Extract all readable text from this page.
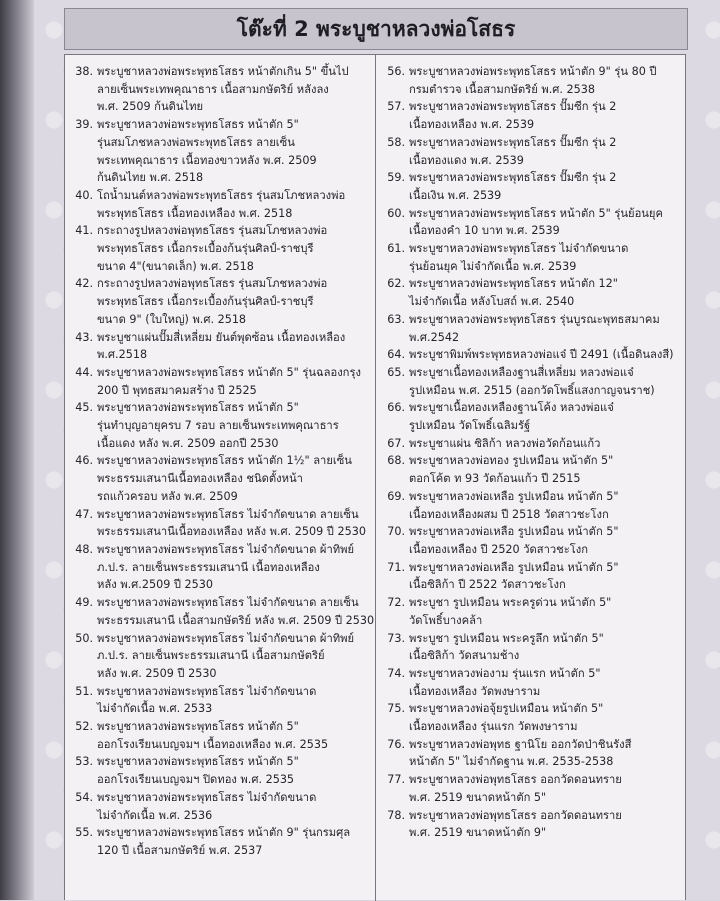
โต๊ะที่ 2 พระบูชาหลวงพ่อโสธร
38. พระบูชาหลวงพ่อพระพุทธโสธร หน้าตักเกิน 5" ขึ้นไป
ลายเซ็นพระเทพคุณาธาร เนื้อสามกษัตริย์ หลังลง
พ.ศ. 2509 ก้นดินไทย
39. พระบูชาหลวงพ่อพระพุทธโสธร หน้าตัก 5"
รุ่นสมโภชหลวงพ่อพระพุทธโสธร ลายเซ็น
พระเทพคุณาธาร เนื้อทองขาวหลัง พ.ศ. 2509
ก้นดินไทย พ.ศ. 2518
40. โถน้ำมนต์หลวงพ่อพระพุทธโสธร รุ่นสมโภชหลวงพ่อ
พระพุทธโสธร เนื้อทองเหลือง พ.ศ. 2518
41. กระถางรูปหลวงพ่อพุทธโสธร รุ่นสมโภชหลวงพ่อ
พระพุทธโสธร เนื้อกระเบื้องก้นรุ่นศิลป์-ราชบุรี
ขนาด 4"(ขนาดเล็ก) พ.ศ. 2518
42. กระถางรูปหลวงพ่อพุทธโสธร รุ่นสมโภชหลวงพ่อ
พระพุทธโสธร เนื้อกระเบื้องก้นรุ่นศิลป์-ราชบุรี
ขนาด 9" (ใบใหญ่) พ.ศ. 2518
43. พระบูชาแผ่นปั๊มสี่เหลี่ยม ยันต์พุดซ้อน เนื้อทองเหลือง
พ.ศ.2518
44. พระบูชาหลวงพ่อพระพุทธโสธร หน้าตัก 5" รุ่นฉลองกรุง
200 ปี พุทธสมาคมสร้าง ปี 2525
45. พระบูชาหลวงพ่อพระพุทธโสธร หน้าตัก 5"
รุ่นทำบุญอายุครบ 7 รอบ ลายเซ็นพระเทพคุณาธาร
เนื้อแดง หลัง พ.ศ. 2509 ออกปี 2530
46. พระบูชาหลวงพ่อพระพุทธโสธร หน้าตัก 1½" ลายเซ็น
พระธรรมเสนานีเนื้อทองเหลือง ชนิดตั้งหน้า
รถแก้วครอบ หลัง พ.ศ. 2509
47. พระบูชาหลวงพ่อพระพุทธโสธร ไม่จำกัดขนาด ลายเซ็น
พระธรรมเสนานีเนื้อทองเหลือง หลัง พ.ศ. 2509 ปี 2530
48. พระบูชาหลวงพ่อพระพุทธโสธร ไม่จำกัดขนาด ผ้าทิพย์
ภ.ป.ร. ลายเซ็นพระธรรมเสนานี เนื้อทองเหลือง
หลัง พ.ศ.2509 ปี 2530
49. พระบูชาหลวงพ่อพระพุทธโสธร ไม่จำกัดขนาด ลายเซ็น
พระธรรมเสนานี เนื้อสามกษัตริย์ หลัง พ.ศ. 2509 ปี 2530
50. พระบูชาหลวงพ่อพระพุทธโสธร ไม่จำกัดขนาด ผ้าทิพย์
ภ.ป.ร. ลายเซ็นพระธรรมเสนานี เนื้อสามกษัตริย์
หลัง พ.ศ. 2509 ปี 2530
51. พระบูชาหลวงพ่อพระพุทธโสธร ไม่จำกัดขนาด
ไม่จำกัดเนื้อ พ.ศ. 2533
52. พระบูชาหลวงพ่อพระพุทธโสธร หน้าตัก 5"
ออกโรงเรียนเบญจมฯ เนื้อทองเหลือง พ.ศ. 2535
53. พระบูชาหลวงพ่อพระพุทธโสธร หน้าตัก 5"
ออกโรงเรียนเบญจมฯ ปิดทอง พ.ศ. 2535
54. พระบูชาหลวงพ่อพระพุทธโสธร ไม่จำกัดขนาด
ไม่จำกัดเนื้อ พ.ศ. 2536
55. พระบูชาหลวงพ่อพระพุทธโสธร หน้าตัก 9" รุ่นกรมศุล
120 ปี เนื้อสามกษัตริย์ พ.ศ. 2537
56. พระบูชาหลวงพ่อพระพุทธโสธร หน้าตัก 9" รุ่น 80 ปี
กรมตำรวจ เนื้อสามกษัตริย์ พ.ศ. 2538
57. พระบูชาหลวงพ่อพระพุทธโสธร ปั๊มซีก รุ่น 2
เนื้อทองเหลือง พ.ศ. 2539
58. พระบูชาหลวงพ่อพระพุทธโสธร ปั๊มซีก รุ่น 2
เนื้อทองแดง พ.ศ. 2539
59. พระบูชาหลวงพ่อพระพุทธโสธร ปั๊มซีก รุ่น 2
เนื้อเงิน พ.ศ. 2539
60. พระบูชาหลวงพ่อพระพุทธโสธร หน้าตัก 5" รุ่นย้อนยุค
เนื้อทองคำ 10 บาท พ.ศ. 2539
61. พระบูชาหลวงพ่อพระพุทธโสธร ไม่จำกัดขนาด
รุ่นย้อนยุค ไม่จำกัดเนื้อ พ.ศ. 2539
62. พระบูชาหลวงพ่อพระพุทธโสธร หน้าตัก 12"
ไม่จำกัดเนื้อ หลังโบสถ์ พ.ศ. 2540
63. พระบูชาหลวงพ่อพระพุทธโสธร รุ่นบูรณะพุทธสมาคม
พ.ศ.2542
64. พระบูชาพิมพ์พระพุทธหลวงพ่อแจ๋ ปี 2491 (เนื้อดินลงสี)
65. พระบูชาเนื้อทองเหลืองฐานสี่เหลี่ยม หลวงพ่อแจ๋
รูปเหมือน พ.ศ. 2515 (ออกวัดโพธิ์แสงกาญจนราช)
66. พระบูชาเนื้อทองเหลืองฐานโค้ง หลวงพ่อแจ๋
รูปเหมือน วัดโพธิ์เฉลิมรัฐ์
67. พระบูชาแผ่น ซิลิก้า หลวงพ่อวัดก้อนแก้ว
68. พระบูชาหลวงพ่อทอง รูปเหมือน หน้าตัก 5"
ตอกโค้ต ท 93 วัดก้อนแก้ว ปี 2515
69. พระบูชาหลวงพ่อเหลือ รูปเหมือน หน้าตัก 5"
เนื้อทองเหลืองผสม ปี 2518 วัดสาวชะโงก
70. พระบูชาหลวงพ่อเหลือ รูปเหมือน หน้าตัก 5"
เนื้อทองเหลือง ปี 2520 วัดสาวชะโงก
71. พระบูชาหลวงพ่อเหลือ รูปเหมือน หน้าตัก 5"
เนื้อซิลิก้า ปี 2522 วัดสาวชะโงก
72. พระบูชา รูปเหมือน พระครูด่วน หน้าตัก 5"
วัดโพธิ์บางคล้า
73. พระบูชา รูปเหมือน พระครูลึก หน้าตัก 5"
เนื้อซิลิก้า วัดสนามช้าง
74. พระบูชาหลวงพ่องาม รุ่นแรก หน้าตัก 5"
เนื้อทองเหลือง วัดพงษาราม
75. พระบูชาหลวงพ่อจุ้ยรูปเหมือน หน้าตัก 5"
เนื้อทองเหลือง รุ่นแรก วัดพงษาราม
76. พระบูชาหลวงพ่อพุทธ ฐานิโย ออกวัดป่าชินรังสี
หน้าตัก 5" ไม่จำกัดฐาน พ.ศ. 2535-2538
77. พระบูชาหลวงพ่อพุทธโสธร ออกวัดดอนทราย
พ.ศ. 2519 ขนาดหน้าตัก 5"
78. พระบูชาหลวงพ่อพุทธโสธร ออกวัดดอนทราย
พ.ศ. 2519 ขนาดหน้าตัก 9"
